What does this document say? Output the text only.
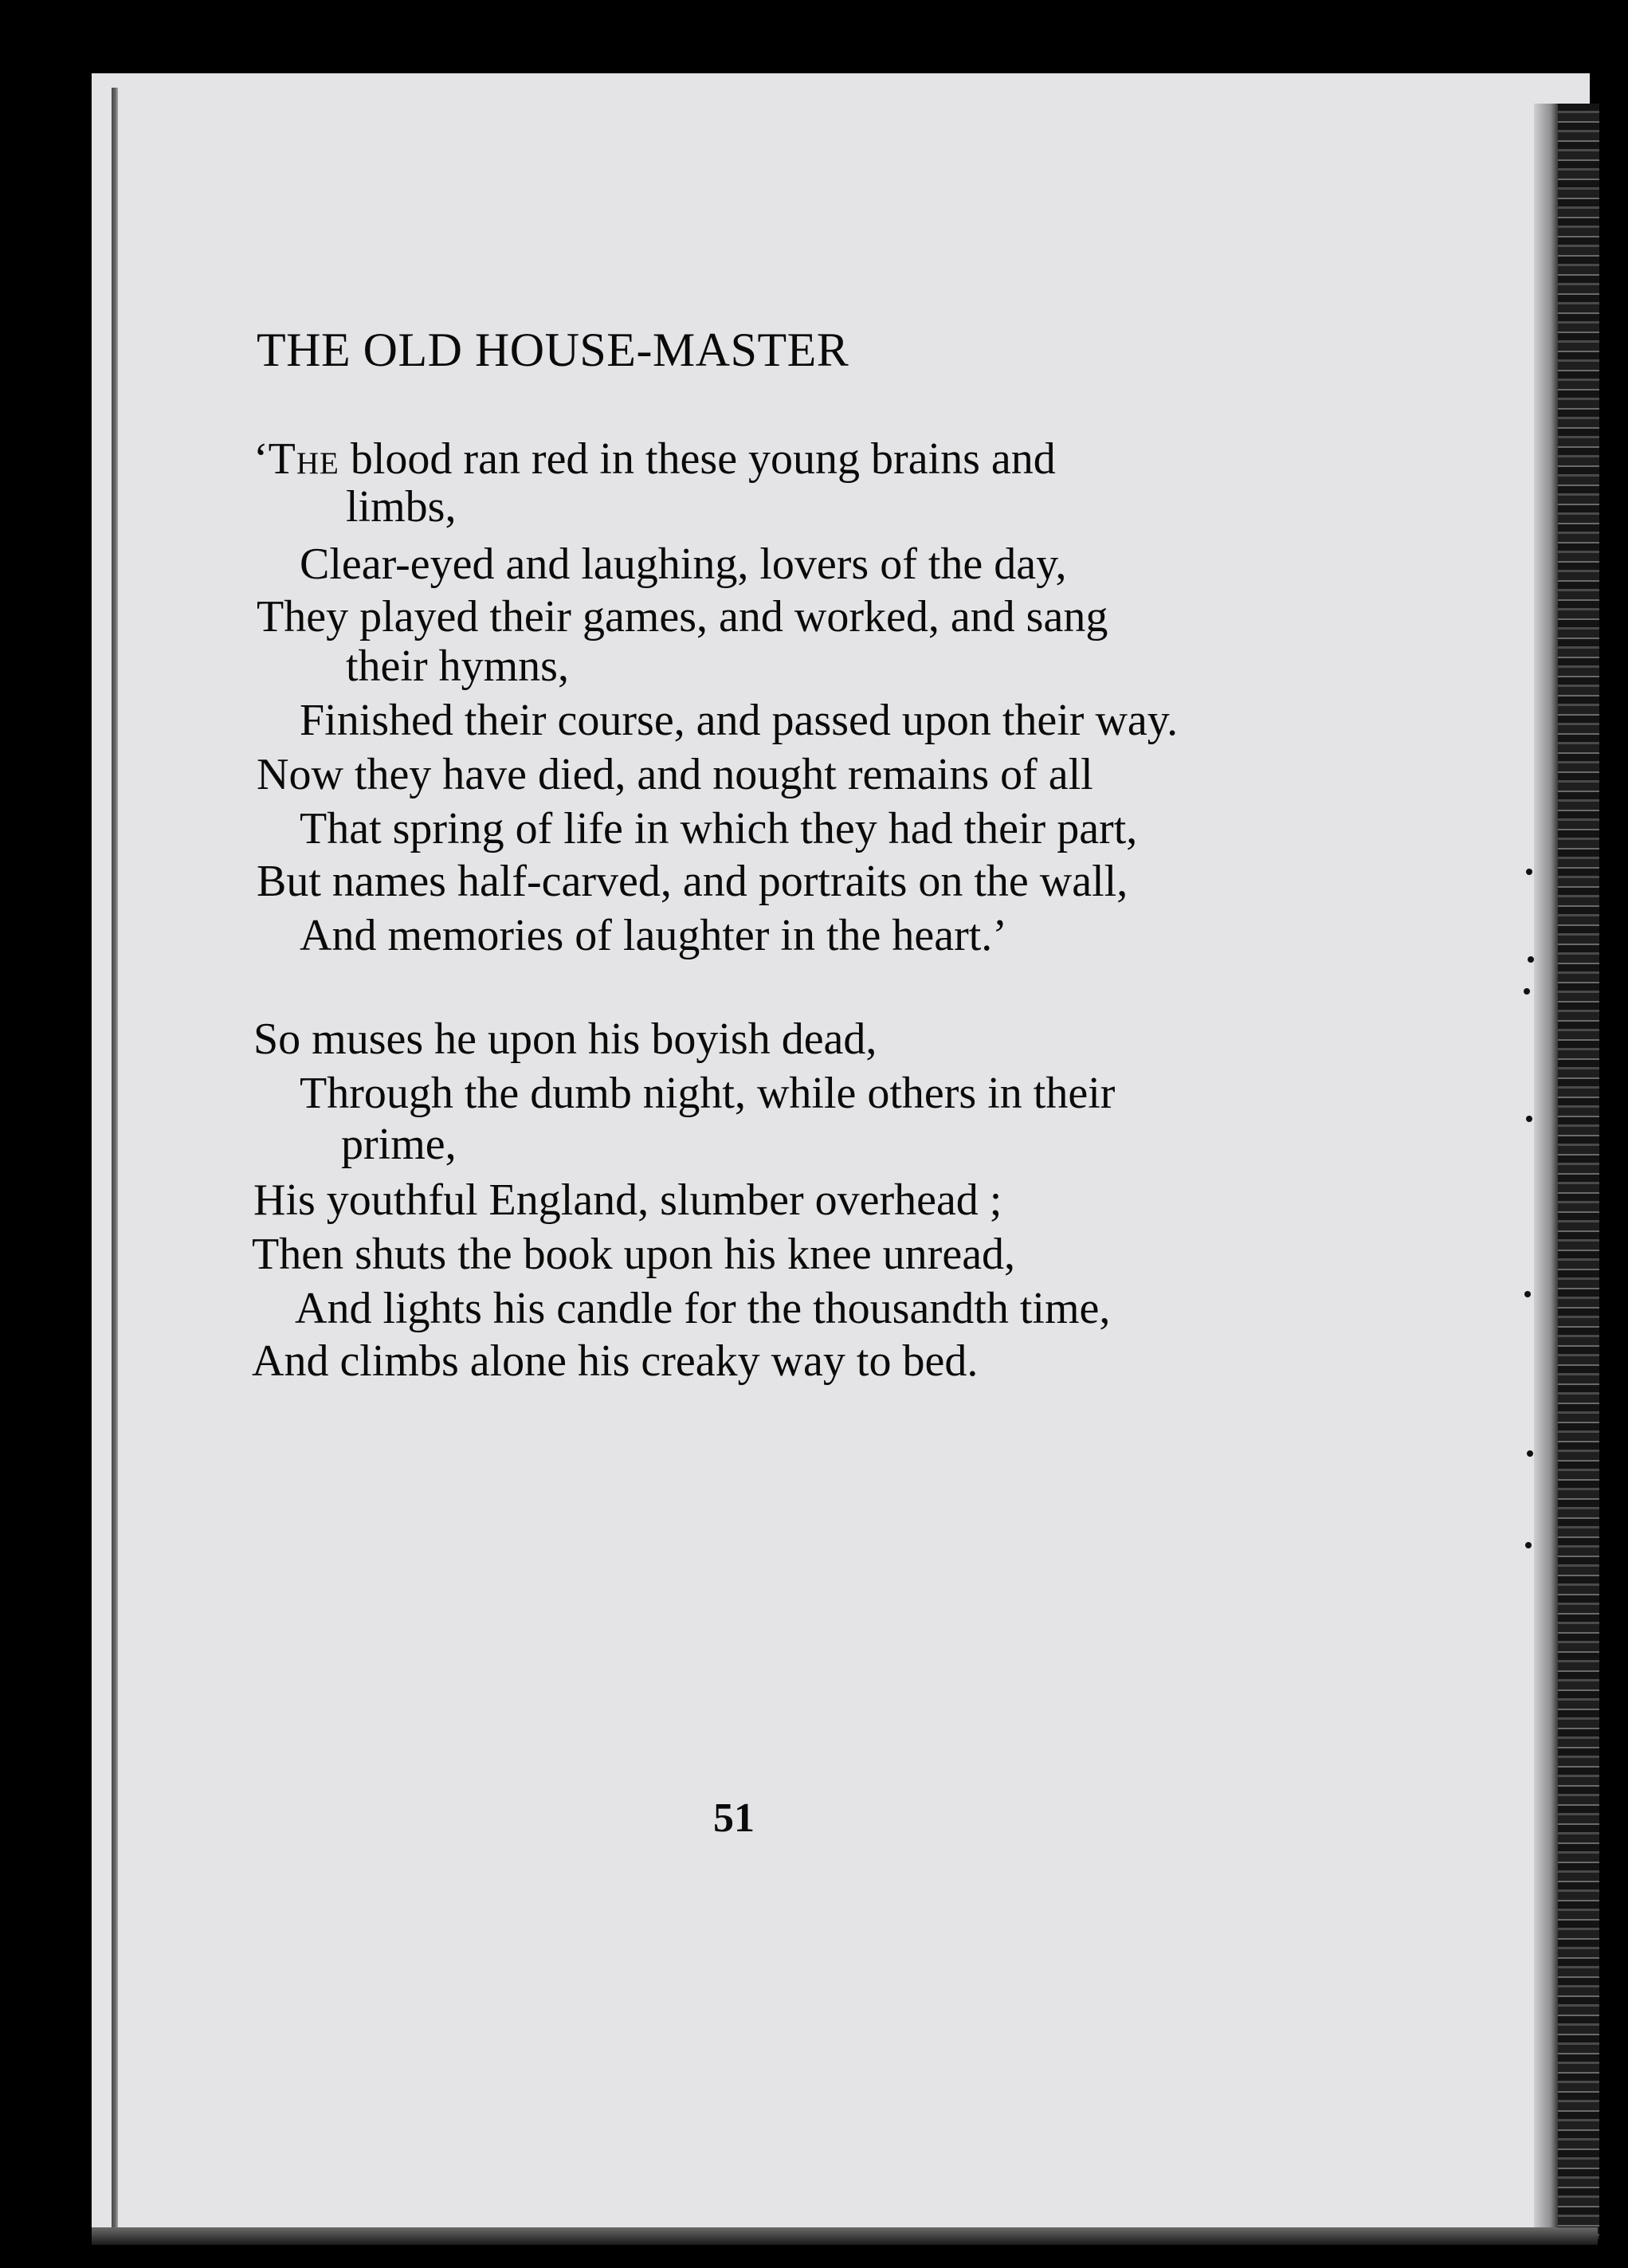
THE OLD HOUSE-MASTER
‘The blood ran red in these young brains and
limbs,
Clear-eyed and laughing, lovers of the day,
They played their games, and worked, and sang
their hymns,
Finished their course, and passed upon their way.
Now they have died, and nought remains of all
That spring of life in which they had their part,
But names half-carved, and portraits on the wall,
And memories of laughter in the heart.’
So muses he upon his boyish dead,
Through the dumb night, while others in their
prime,
His youthful England, slumber overhead ;
Then shuts the book upon his knee unread,
And lights his candle for the thousandth time,
And climbs alone his creaky way to bed.
51
